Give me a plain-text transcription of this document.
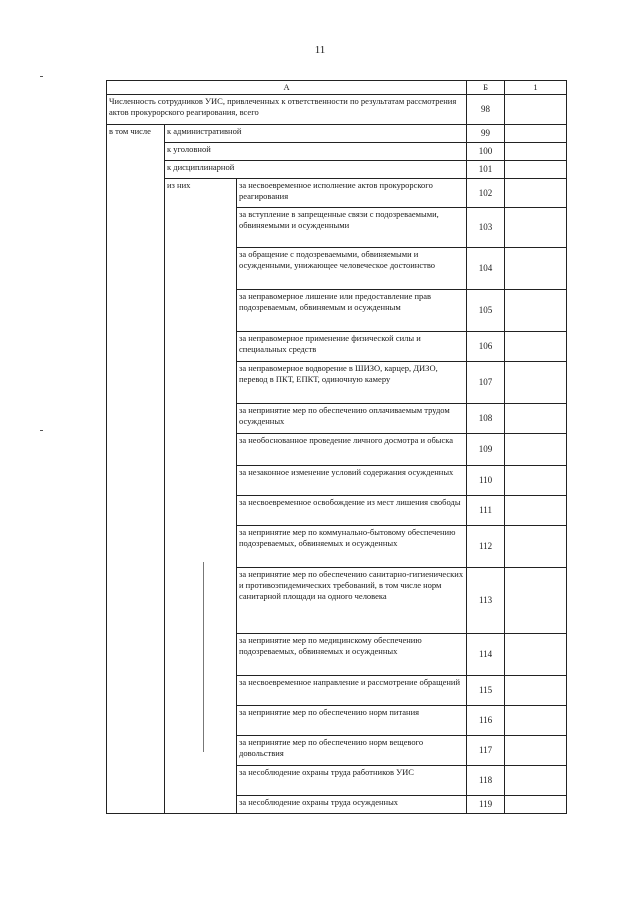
11
А			Б	1
Численность сотрудников УИС, привлеченных к ответственности по результатам рассмотрения актов прокурорского реагирования, всего			98	
в том числе	к административной		99	
	к уголовной		100	
	к дисциплинарной		101	
	из них	за несвоевременное исполнение актов прокурорского реагирования	102	
		за вступление в запрещенные связи с подозреваемыми, обвиняемыми и осужденными	103	
		за обращение с подозреваемыми, обвиняемыми и осужденными, унижающее человеческое достоинство	104	
		за неправомерное лишение или предоставление прав подозреваемым, обвиняемым и осужденным	105	
		за неправомерное применение физической силы и специальных средств	106	
		за неправомерное водворение в ШИЗО, карцер, ДИЗО, перевод в ПКТ, ЕПКТ, одиночную камеру	107	
		за непринятие мер по обеспечению оплачиваемым трудом осужденных	108	
		за необоснованное проведение личного досмотра и обыска	109	
		за незаконное изменение условий содержания осужденных	110	
		за несвоевременное освобождение из мест лишения свободы	111	
		за непринятие мер по коммунально-бытовому обеспечению подозреваемых, обвиняемых и осужденных	112	
		за непринятие мер по обеспечению санитарно-гигиенических и противоэпидемических требований, в том числе норм санитарной площади на одного человека	113	
		за непринятие мер по медицинскому обеспечению подозреваемых, обвиняемых и осужденных	114	
		за несвоевременное направление и рассмотрение обращений	115	
		за непринятие мер по обеспечению норм питания	116	
		за непринятие мер по обеспечению норм вещевого довольствия	117	
		за несоблюдение охраны труда работников УИС	118	
		за несоблюдение охраны труда осужденных	119	
